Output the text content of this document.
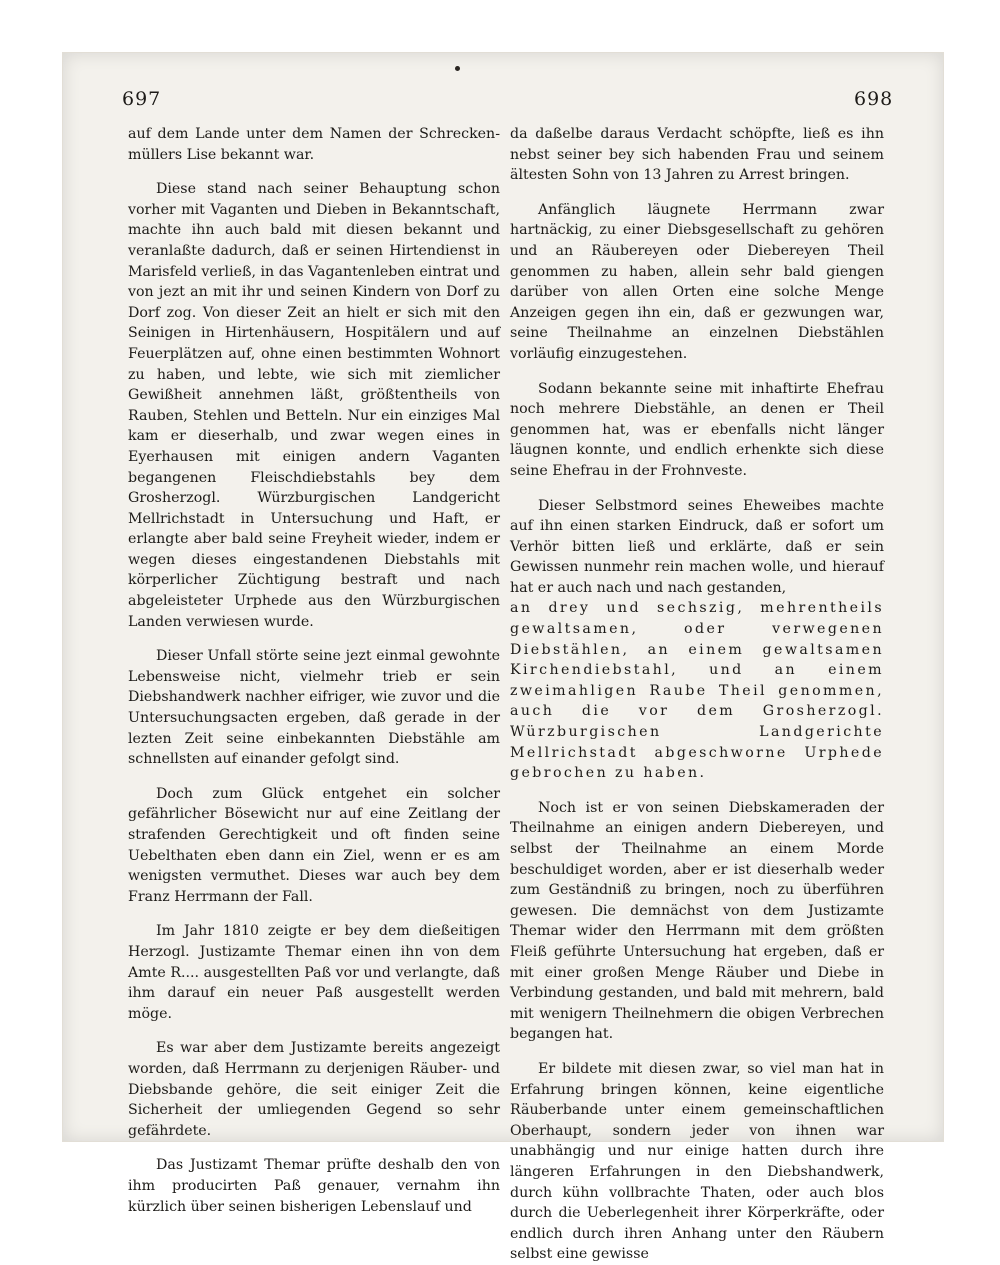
697	698

auf dem Lande unter dem Namen der Schrecken-müllers Lise bekannt war.

Diese stand nach seiner Behauptung schon vorher mit Vaganten und Dieben in Bekanntschaft, machte ihn auch bald mit diesen bekannt und veranlaßte dadurch, daß er seinen Hirtendienst in Marisfeld verließ, in das Vagantenleben eintrat und von jezt an mit ihr und seinen Kindern von Dorf zu Dorf zog. Von dieser Zeit an hielt er sich mit den Seinigen in Hirtenhäusern, Hospitälern und auf Feuerplätzen auf, ohne einen bestimmten Wohnort zu haben, und lebte, wie sich mit ziemlicher Gewißheit annehmen läßt, größtentheils von Rauben, Stehlen und Betteln. Nur ein einziges Mal kam er dieserhalb, und zwar wegen eines in Eyerhausen mit einigen andern Vaganten begangenen Fleischdiebstahls bey dem Grosherzogl. Würzburgischen Landgericht Mellrichstadt in Untersuchung und Haft, er erlangte aber bald seine Freyheit wieder, indem er wegen dieses eingestandenen Diebstahls mit körperlicher Züchtigung bestraft und nach abgeleisteter Urphede aus den Würzburgischen Landen verwiesen wurde.

Dieser Unfall störte seine jezt einmal gewohnte Lebensweise nicht, vielmehr trieb er sein Diebshandwerk nachher eifriger, wie zuvor und die Untersuchungsacten ergeben, daß gerade in der lezten Zeit seine einbekannten Diebstähle am schnellsten auf einander gefolgt sind.

Doch zum Glück entgehet ein solcher gefährlicher Bösewicht nur auf eine Zeitlang der strafenden Gerechtigkeit und oft finden seine Uebelthaten eben dann ein Ziel, wenn er es am wenigsten vermuthet. Dieses war auch bey dem Franz Herrmann der Fall.

Im Jahr 1810 zeigte er bey dem dießeitigen Herzogl. Justizamte Themar einen ihn von dem Amte R.... ausgestellten Paß vor und verlangte, daß ihm darauf ein neuer Paß ausgestellt werden möge.

Es war aber dem Justizamte bereits angezeigt worden, daß Herrmann zu derjenigen Räuber- und Diebsbande gehöre, die seit einiger Zeit die Sicherheit der umliegenden Gegend so sehr gefährdete.

Das Justizamt Themar prüfte deshalb den von ihm producirten Paß genauer, vernahm ihn kürzlich über seinen bisherigen Lebenslauf und

da daßelbe daraus Verdacht schöpfte, ließ es ihn nebst seiner bey sich habenden Frau und seinem ältesten Sohn von 13 Jahren zu Arrest bringen.

Anfänglich läugnete Herrmann zwar hartnäckig, zu einer Diebsgesellschaft zu gehören und an Räubereyen oder Diebereyen Theil genommen zu haben, allein sehr bald giengen darüber von allen Orten eine solche Menge Anzeigen gegen ihn ein, daß er gezwungen war, seine Theilnahme an einzelnen Diebstählen vorläufig einzugestehen.

Sodann bekannte seine mit inhaftirte Ehefrau noch mehrere Diebstähle, an denen er Theil genommen hat, was er ebenfalls nicht länger läugnen konnte, und endlich erhenkte sich diese seine Ehefrau in der Frohnveste.

Dieser Selbstmord seines Eheweibes machte auf ihn einen starken Eindruck, daß er sofort um Verhör bitten ließ und erklärte, daß er sein Gewissen nunmehr rein machen wolle, und hierauf hat er auch nach und nach gestanden,

an drey und sechszig, mehrentheils gewaltsamen, oder verwegenen Diebstählen, an einem gewaltsamen Kirchendiebstahl, und an einem zweimahligen Raube Theil genommen, auch die vor dem Grosherzogl. Würzburgischen Landgerichte Mellrichstadt abgeschworne Urphede gebrochen zu haben.

Noch ist er von seinen Diebskameraden der Theilnahme an einigen andern Diebereyen, und selbst der Theilnahme an einem Morde beschuldiget worden, aber er ist dieserhalb weder zum Geständniß zu bringen, noch zu überführen gewesen. Die demnächst von dem Justizamte Themar wider den Herrmann mit dem größten Fleiß geführte Untersuchung hat ergeben, daß er mit einer großen Menge Räuber und Diebe in Verbindung gestanden, und bald mit mehrern, bald mit wenigern Theilnehmern die obigen Verbrechen begangen hat.

Er bildete mit diesen zwar, so viel man hat in Erfahrung bringen können, keine eigentliche Räuberbande unter einem gemeinschaftlichen Oberhaupt, sondern jeder von ihnen war unabhängig und nur einige hatten durch ihre längeren Erfahrungen in den Diebshandwerk, durch kühn vollbrachte Thaten, oder auch blos durch die Ueberlegenheit ihrer Körperkräfte, oder endlich durch ihren Anhang unter den Räubern selbst eine gewisse
